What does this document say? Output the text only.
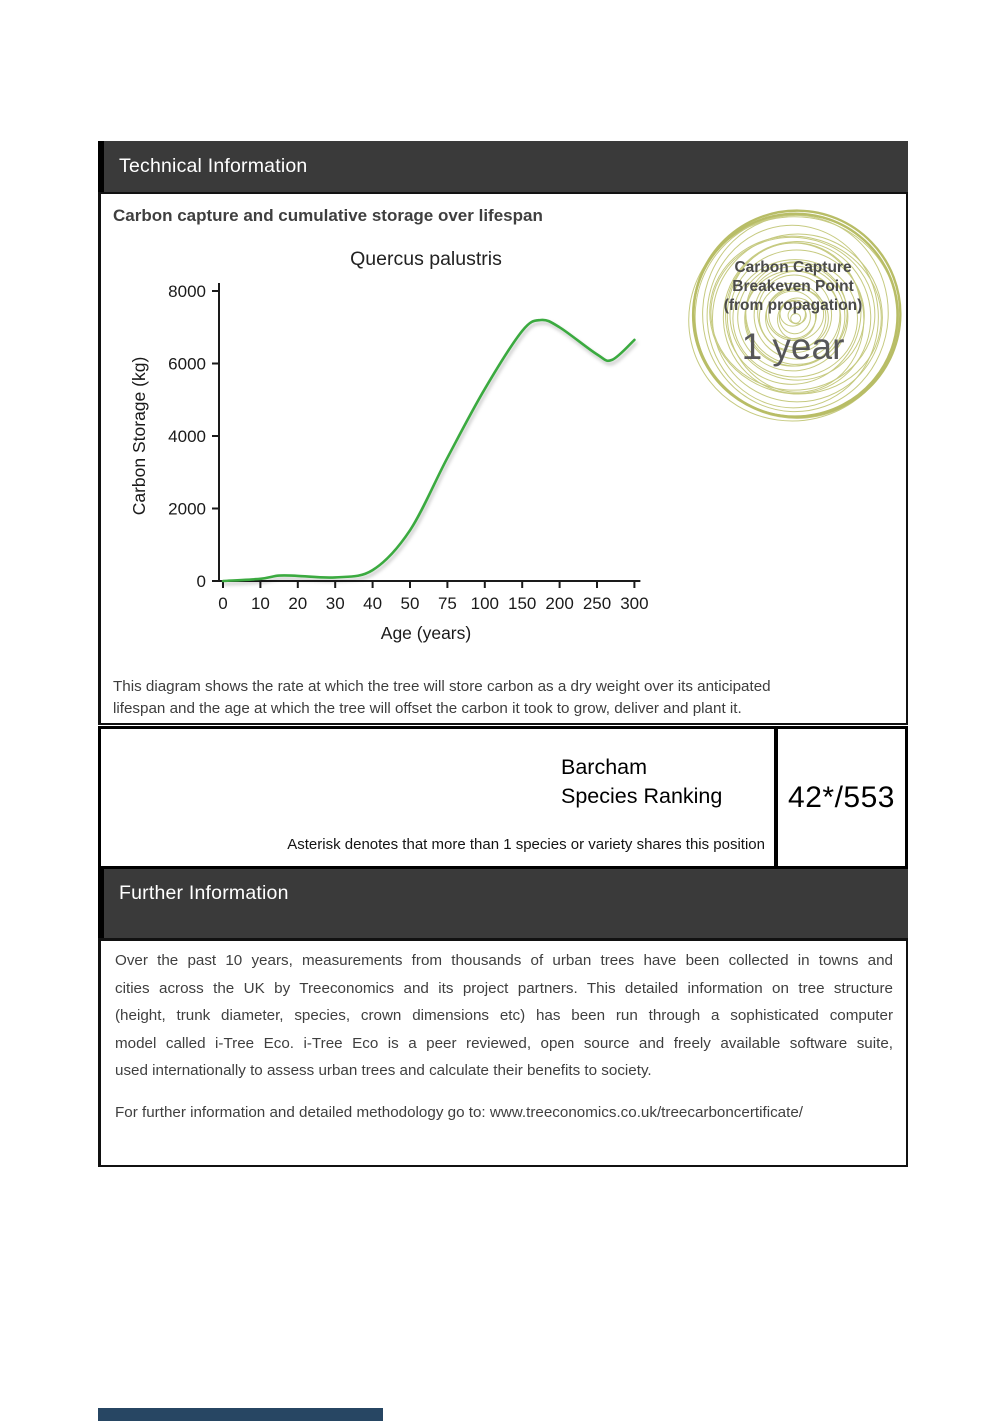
Technical Information
Carbon capture and cumulative storage over lifespan
Quercus palustris
Carbon Storage (kg)
Age (years)
0
2000
4000
6000
8000
0 10 20 30 40 50 75 100 150 200 250 300
Carbon Capture
Breakeven Point
(from propagation)
1 year
This diagram shows the rate at which the tree will store carbon as a dry weight over its anticipated
lifespan and the age at which the tree will offset the carbon it took to grow, deliver and plant it.
Barcham
Species Ranking
Asterisk denotes that more than 1 species or variety shares this position
42*/553
Further Information
Over the past 10 years, measurements from thousands of urban trees have been collected in towns and
cities across the UK by Treeconomics and its project partners. This detailed information on tree structure
(height, trunk diameter, species, crown dimensions etc) has been run through a sophisticated computer
model called i-Tree Eco. i-Tree Eco is a peer reviewed, open source and freely available software suite,
used internationally to assess urban trees and calculate their benefits to society.
For further information and detailed methodology go to: www.treeconomics.co.uk/treecarboncertificate/
